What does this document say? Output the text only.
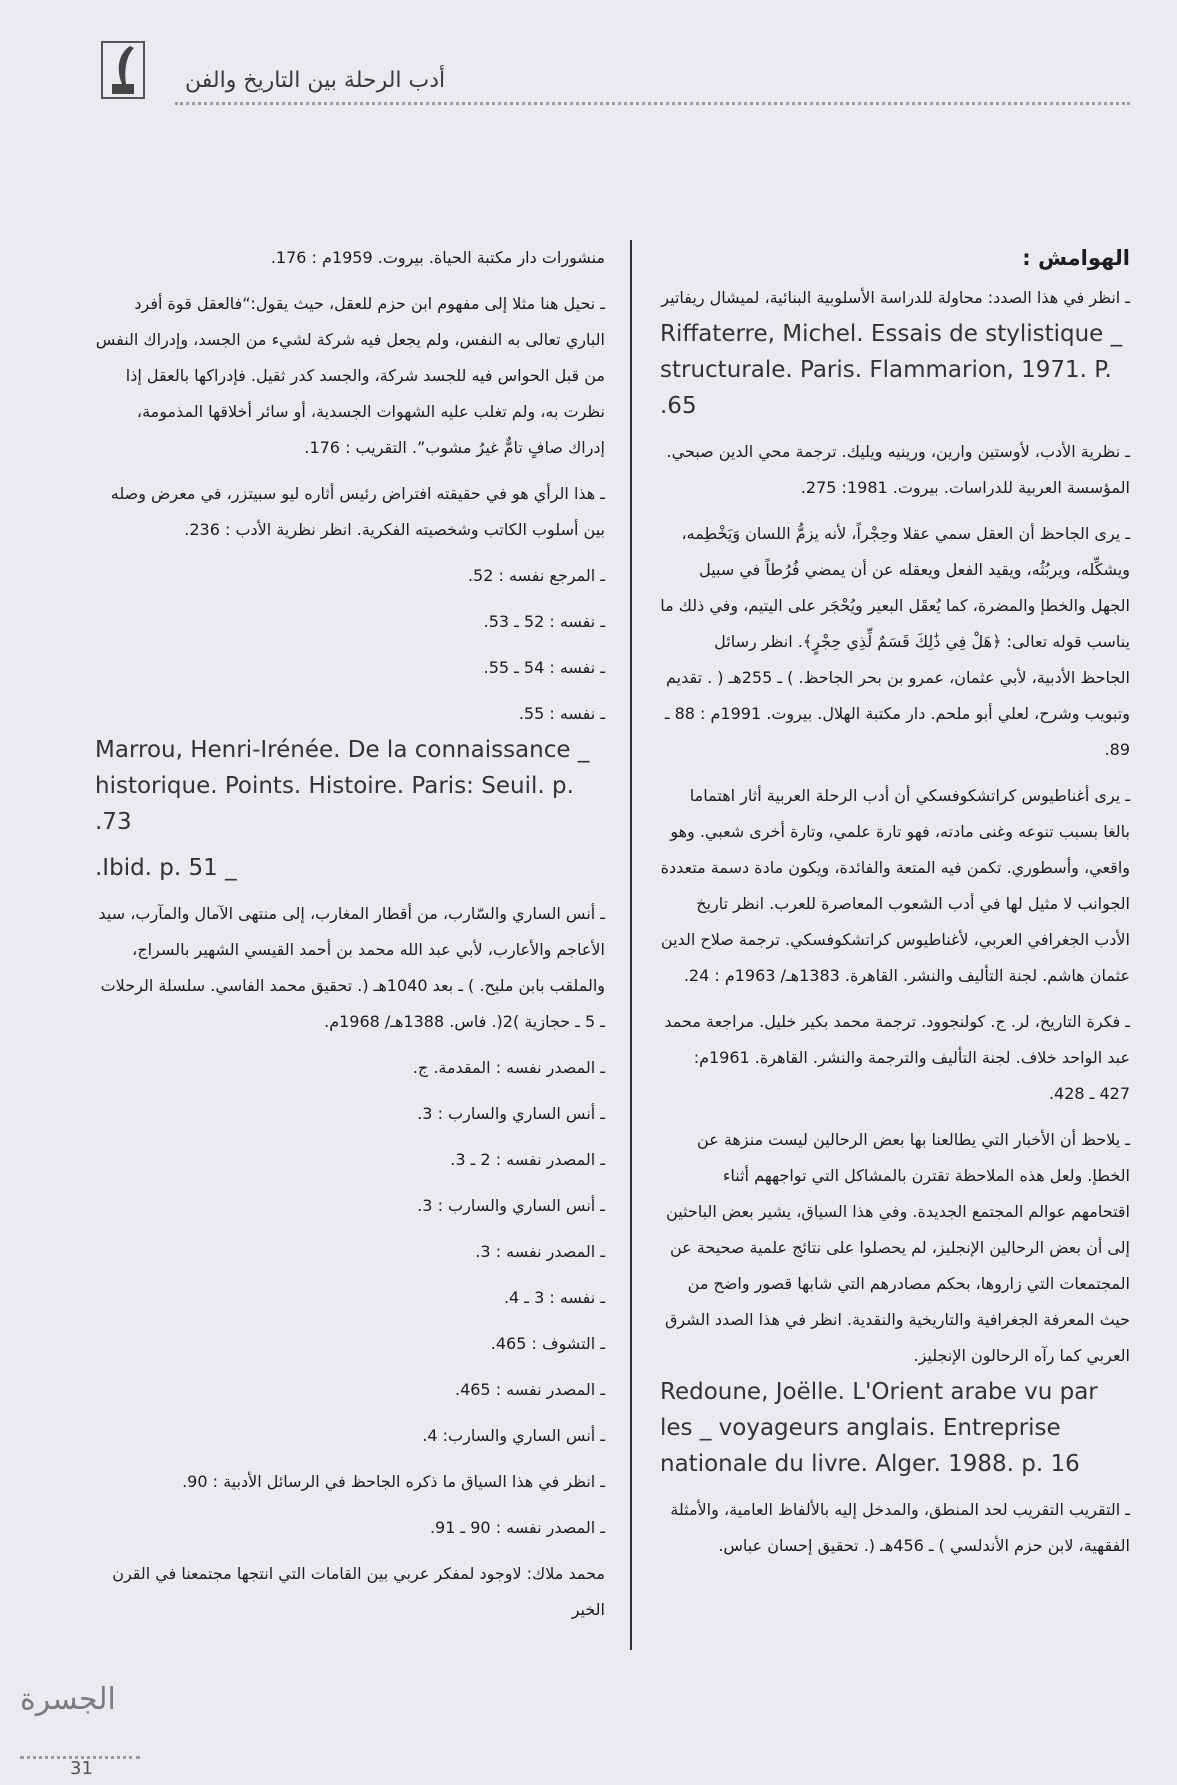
أدب الرحلة بين التاريخ والفن
الهوامش :

ـ انظر في هذا الصدد: محاولة للدراسة الأسلوبية البنائية، لميشال ريفاتير

Riffaterre, Michel. Essais de stylistique _ structurale. Paris. Flammarion, 1971. P. .65

ـ نظرية الأدب، لأوستين وارين، ورينيه ويليك. ترجمة محي الدين صبحي. المؤسسة العربية للدراسات. بيروت. 1981: 275.

ـ يرى الجاحظ أن العقل سمي عقلا وحِجْراً، لأنه يزمُّ اللسان وَيَخْطِمه، ويشكِّله، ويربُثُه، ويقيد الفعل ويعقله عن أن يمضي فُرُطاً في سبيل الجهل والخطإ والمضرة، كما يُعقَل البعير ويُحْجَر على اليتيم، وفي ذلك ما يناسب قوله تعالى: ﴿هَلْ فِي ذَٰلِكَ قَسَمٌ لِّذِي حِجْرٍ﴾. انظر رسائل الجاحظ الأدبية، لأبي عثمان، عمرو بن بحر الجاحظ. ) ـ 255هـ ( . تقديم وتبويب وشرح، لعلي أبو ملحم. دار مكتبة الهلال. بيروت. 1991م : 88 ـ 89.

ـ يرى أغناطيوس كراتشكوفسكي أن أدب الرحلة العربية أثار اهتماما بالغا بسبب تنوعه وغنى مادته، فهو تارة علمي، وتارة أخرى شعبي. وهو واقعي، وأسطوري. تكمن فيه المتعة والفائدة، ويكون مادة دسمة متعددة الجوانب لا مثيل لها في أدب الشعوب المعاصرة للعرب. انظر تاريخ الأدب الجغرافي العربي، لأغناطيوس كراتشكوفسكي. ترجمة صلاح الدين عثمان هاشم. لجنة التأليف والنشر. القاهرة. 1383هـ/ 1963م : 24.

ـ فكرة التاريخ، لر. ج. كولنجوود. ترجمة محمد بكير خليل. مراجعة محمد عبد الواحد خلاف. لجنة التأليف والترجمة والنشر. القاهرة. 1961م: 427 ـ 428.

ـ يلاحظ أن الأخبار التي يطالعنا بها بعض الرحالين ليست منزهة عن الخطإ. ولعل هذه الملاحظة تقترن بالمشاكل التي تواجههم أثناء اقتحامهم عوالم المجتمع الجديدة. وفي هذا السياق، يشير بعض الباحثين إلى أن بعض الرحالين الإنجليز، لم يحصلوا على نتائج علمية صحيحة عن المجتمعات التي زاروها، بحكم مصادرهم التي شابها قصور واضح من حيث المعرفة الجغرافية والتاريخية والنقدية. انظر في هذا الصدد الشرق العربي كما رآه الرحالون الإنجليز.

Redoune, Joëlle. L'Orient arabe vu par les _ voyageurs anglais. Entreprise nationale du livre. Alger. 1988. p. 16

ـ التقريب التقريب لحد المنطق، والمدخل إليه بالألفاظ العامية، والأمثلة الفقهية، لابن حزم الأندلسي ) ـ 456هـ (. تحقيق إحسان عباس.

منشورات دار مكتبة الحياة. بيروت. 1959م : 176.

ـ نحيل هنا مثلا إلى مفهوم ابن حزم للعقل، حيث يقول:“فالعقل قوة أفرد الباري تعالى به النفس، ولم يجعل فيه شركة لشيء من الجسد، وإدراك النفس من قبل الحواس فيه للجسد شركة، والجسد كدر ثقيل. فإدراكها بالعقل إذا نظرت به، ولم تغلب عليه الشهوات الجسدية، أو سائر أخلاقها المذمومة، إدراك صافٍ تامٌّ غيرُ مشوب”. التقريب : 176.

ـ هذا الرأي هو في حقيقته افتراض رئيس أثاره ليو سبيتزر، في معرض وصله بين أسلوب الكاتب وشخصيته الفكرية. انظر نظرية الأدب : 236.

ـ المرجع نفسه : 52.

ـ نفسه : 52 ـ 53.

ـ نفسه : 54 ـ 55.

ـ نفسه : 55.

Marrou, Henri-Irénée. De la connaissance _ historique. Points. Histoire. Paris: Seuil. p. .73
.Ibid. p. 51 _

ـ أنس الساري والسّارب، من أقطار المغارب، إلى منتهى الآمال والمآرب، سيد الأعاجم والأعارب، لأبي عبد الله محمد بن أحمد القيسي الشهير بالسراج، والملقب بابن مليح. ) ـ بعد 1040هـ (. تحقيق محمد الفاسي. سلسلة الرحلات ـ 5 ـ حجازية )2(. فاس. 1388هـ/ 1968م.

ـ المصدر نفسه : المقدمة. ج.

ـ أنس الساري والسارب : 3.

ـ المصدر نفسه : 2 ـ 3.

ـ أنس الساري والسارب : 3.

ـ المصدر نفسه : 3.

ـ نفسه : 3 ـ 4.

ـ التشوف : 465.

ـ المصدر نفسه : 465.

ـ أنس الساري والسارب: 4.

ـ انظر في هذا السياق ما ذكره الجاحظ في الرسائل الأدبية : 90.

ـ المصدر نفسه : 90 ـ 91.

محمد ملاك: لاوجود لمفكر عربي بين القامات التي انتجها مجتمعنا في القرن الخير

الجسرة
31
